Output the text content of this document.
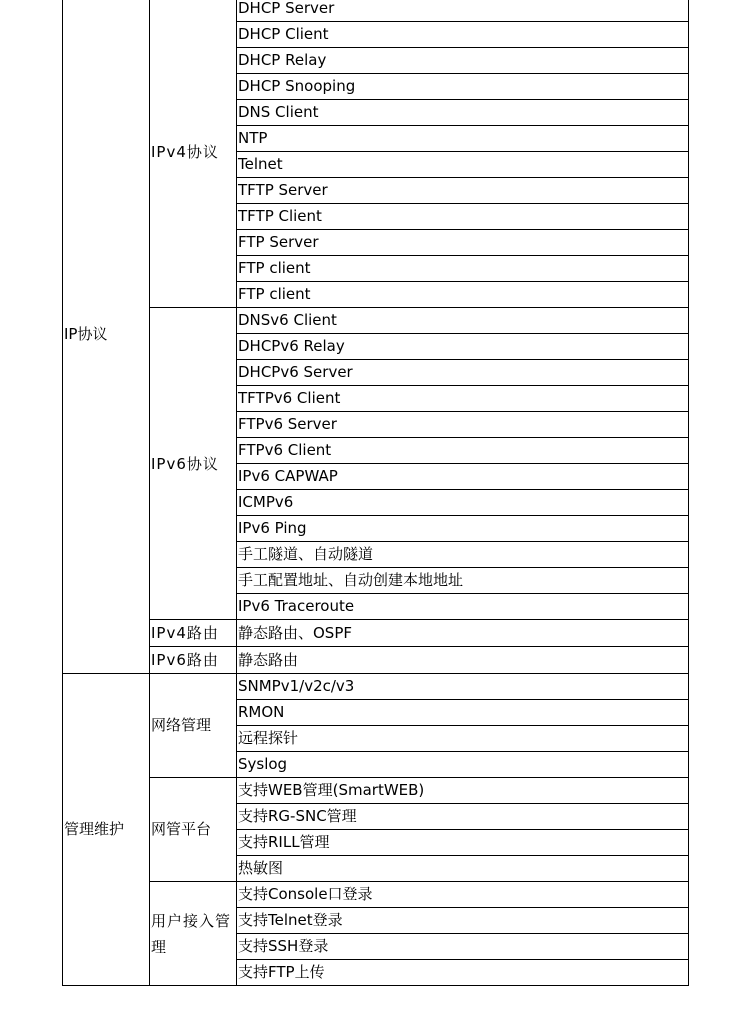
IP协议	IPv4协议	DHCP Server
		DHCP Client
		DHCP Relay
		DHCP Snooping
		DNS Client
		NTP
		Telnet
		TFTP Server
		TFTP Client
		FTP Server
		FTP client
		FTP client
	IPv6协议	DNSv6 Client
		DHCPv6 Relay
		DHCPv6 Server
		TFTPv6 Client
		FTPv6 Server
		FTPv6 Client
		IPv6 CAPWAP
		ICMPv6
		IPv6 Ping
		手工隧道、自动隧道
		手工配置地址、自动创建本地地址
		IPv6 Traceroute
	IPv4路由	静态路由、OSPF
	IPv6路由	静态路由
管理维护	网络管理	SNMPv1/v2c/v3
		RMON
		远程探针
		Syslog
	网管平台	支持WEB管理(SmartWEB)
		支持RG-SNC管理
		支持RILL管理
		热敏图
	用户接入管理	支持Console口登录
		支持Telnet登录
		支持SSH登录
		支持FTP上传
